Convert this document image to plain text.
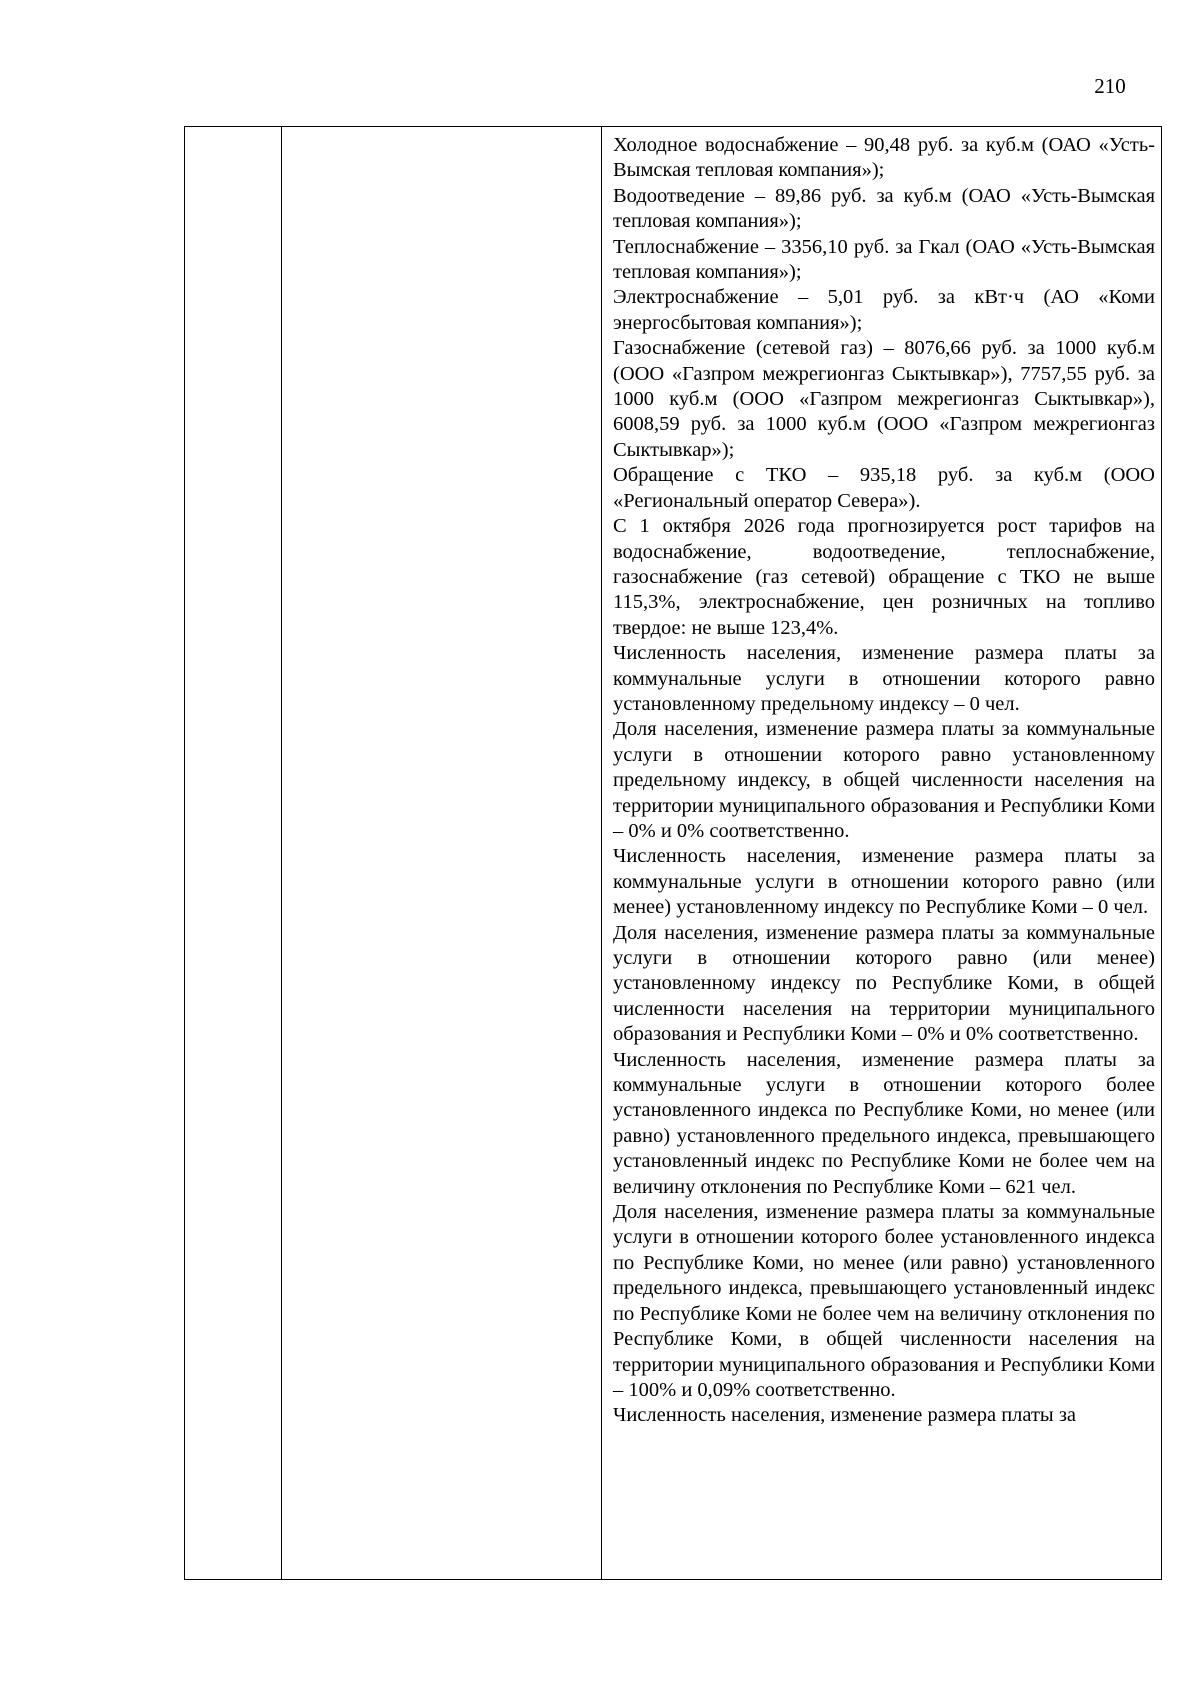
210

Холодное водоснабжение – 90,48 руб. за куб.м (ОАО «Усть-Вымская тепловая компания»);

Водоотведение – 89,86 руб. за куб.м (ОАО «Усть-Вымская тепловая компания»);

Теплоснабжение – 3356,10 руб. за Гкал (ОАО «Усть-Вымская тепловая компания»);

Электроснабжение – 5,01 руб. за кВт·ч (АО «Коми энергосбытовая компания»);

Газоснабжение (сетевой газ) – 8076,66 руб. за 1000 куб.м (ООО «Газпром межрегионгаз Сыктывкар»), 7757,55 руб. за 1000 куб.м (ООО «Газпром межрегионгаз Сыктывкар»), 6008,59 руб. за 1000 куб.м (ООО «Газпром межрегионгаз Сыктывкар»);

Обращение с ТКО – 935,18 руб. за куб.м (ООО «Региональный оператор Севера»).

С 1 октября 2026 года прогнозируется рост тарифов на водоснабжение, водоотведение, теплоснабжение, газоснабжение (газ сетевой) обращение с ТКО не выше 115,3%, электроснабжение, цен розничных на топливо твердое: не выше 123,4%.

Численность населения, изменение размера платы за коммунальные услуги в отношении которого равно установленному предельному индексу – 0 чел.

Доля населения, изменение размера платы за коммунальные услуги в отношении которого равно установленному предельному индексу, в общей численности населения на территории муниципального образования и Республики Коми – 0% и 0% соответственно.

Численность населения, изменение размера платы за коммунальные услуги в отношении которого равно (или менее) установленному индексу по Республике Коми – 0 чел.

Доля населения, изменение размера платы за коммунальные услуги в отношении которого равно (или менее) установленному индексу по Республике Коми, в общей численности населения на территории муниципального образования и Республики Коми – 0% и 0% соответственно.

Численность населения, изменение размера платы за коммунальные услуги в отношении которого более установленного индекса по Республике Коми, но менее (или равно) установленного предельного индекса, превышающего установленный индекс по Республике Коми не более чем на величину отклонения по Республике Коми – 621 чел.

Доля населения, изменение размера платы за коммунальные услуги в отношении которого более установленного индекса по Республике Коми, но менее (или равно) установленного предельного индекса, превышающего установленный индекс по Республике Коми не более чем на величину отклонения по Республике Коми, в общей численности населения на территории муниципального образования и Республики Коми – 100% и 0,09% соответственно.

Численность населения, изменение размера платы за
